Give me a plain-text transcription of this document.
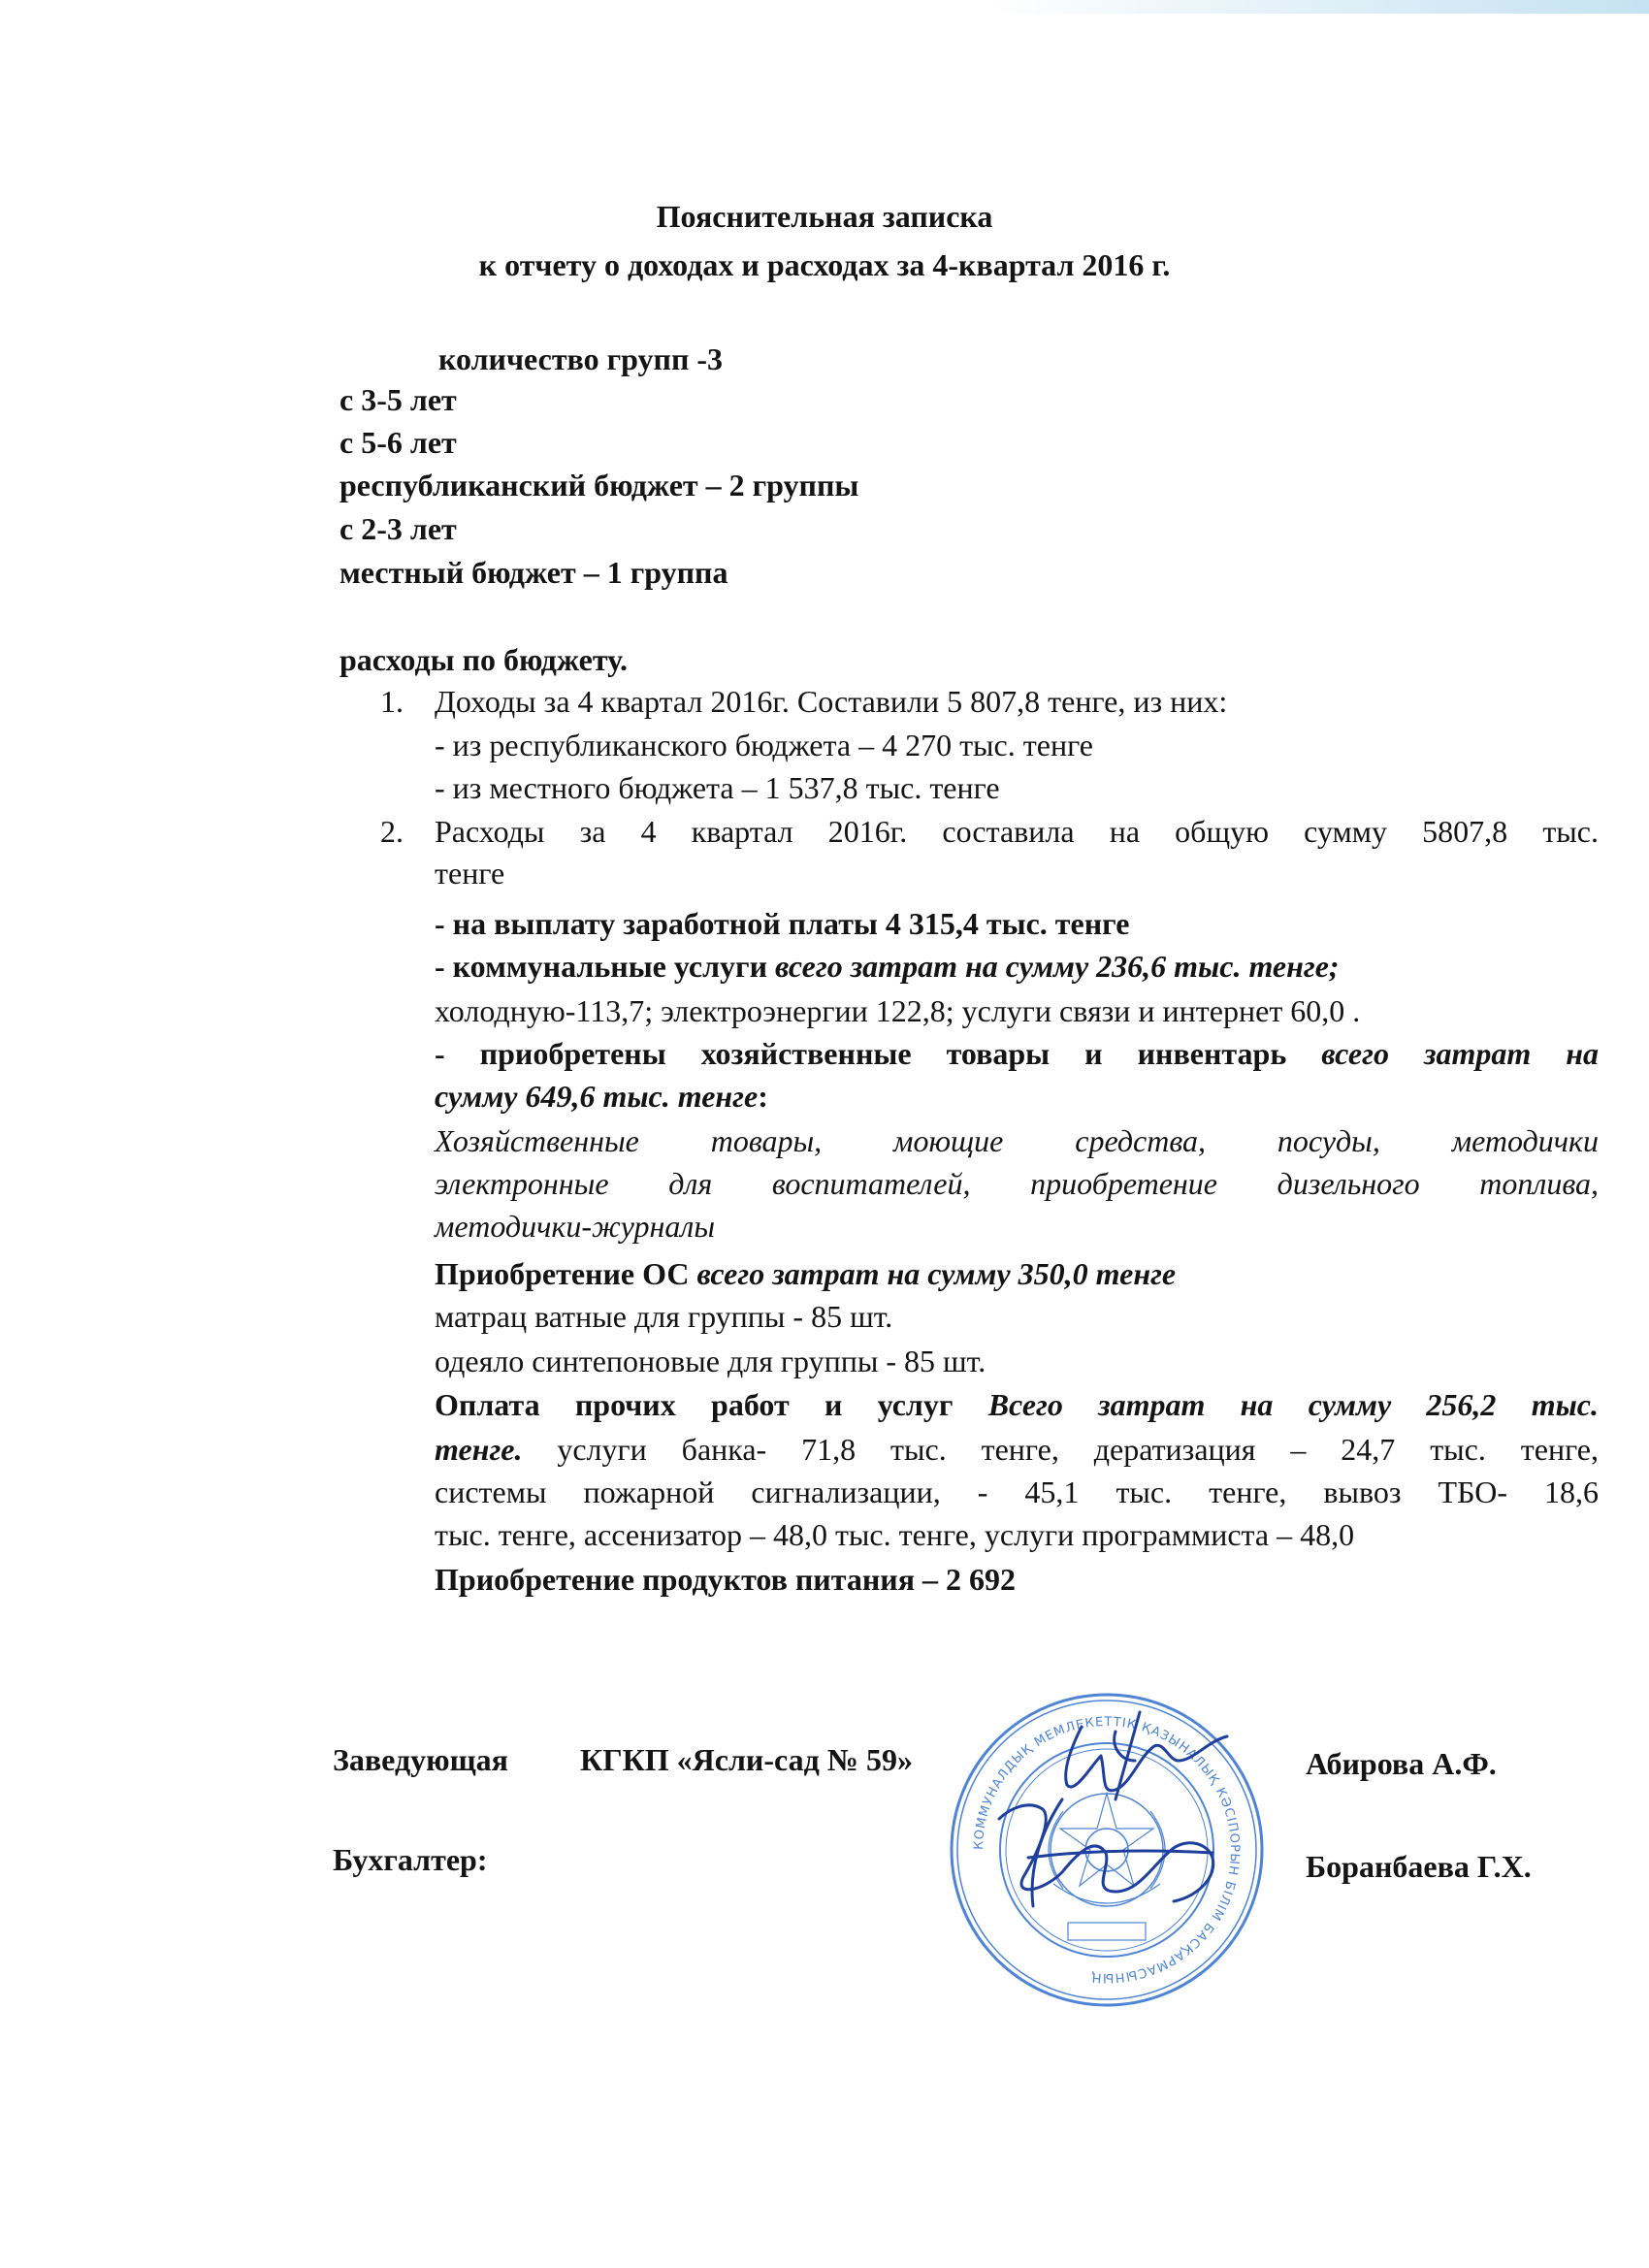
Пояснительная записка
к отчету о доходах и расходах за 4-квартал 2016 г.
количество групп -3
с 3-5 лет
с 5-6 лет
республиканский бюджет – 2 группы
с 2-3 лет
местный бюджет – 1 группа
расходы по бюджету.
1. Доходы за 4 квартал 2016г. Составили 5 807,8 тенге, из них:
- из республиканского бюджета – 4 270 тыс. тенге
- из местного бюджета – 1 537,8 тыс. тенге
2. Расходы за 4 квартал 2016г. составила на общую сумму 5807,8 тыс.
тенге
- на выплату заработной платы 4 315,4 тыс. тенге
- коммунальные услуги всего затрат на сумму 236,6 тыс. тенге;
холодную-113,7; электроэнергии 122,8; услуги связи и интернет 60,0 .
- приобретены хозяйственные товары и инвентарь всего затрат на
сумму 649,6 тыс. тенге:
Хозяйственные товары, моющие средства, посуды, методички
электронные для воспитателей, приобретение дизельного топлива,
методички-журналы
Приобретение ОС всего затрат на сумму 350,0 тенге
матрац ватные для группы - 85 шт.
одеяло синтепоновые для группы - 85 шт.
Оплата прочих работ и услуг Всего затрат на сумму 256,2 тыс.
тенге. услуги банка- 71,8 тыс. тенге, дератизация – 24,7 тыс. тенге,
системы пожарной сигнализации, - 45,1 тыс. тенге, вывоз ТБО- 18,6
тыс. тенге, ассенизатор – 48,0 тыс. тенге, услуги программиста – 48,0
Приобретение продуктов питания – 2 692
Заведующая КГКП «Ясли-сад № 59»	Абирова А.Ф.
Бухгалтер:	Боранбаева Г.Х.
КОММУНАЛДЫҚ МЕМЛЕКЕТТІК ҚАЗЫНАЛЫҚ КӘСІПОРЫН БІЛІМ БАСҚАРМАСЫНЫҢ
